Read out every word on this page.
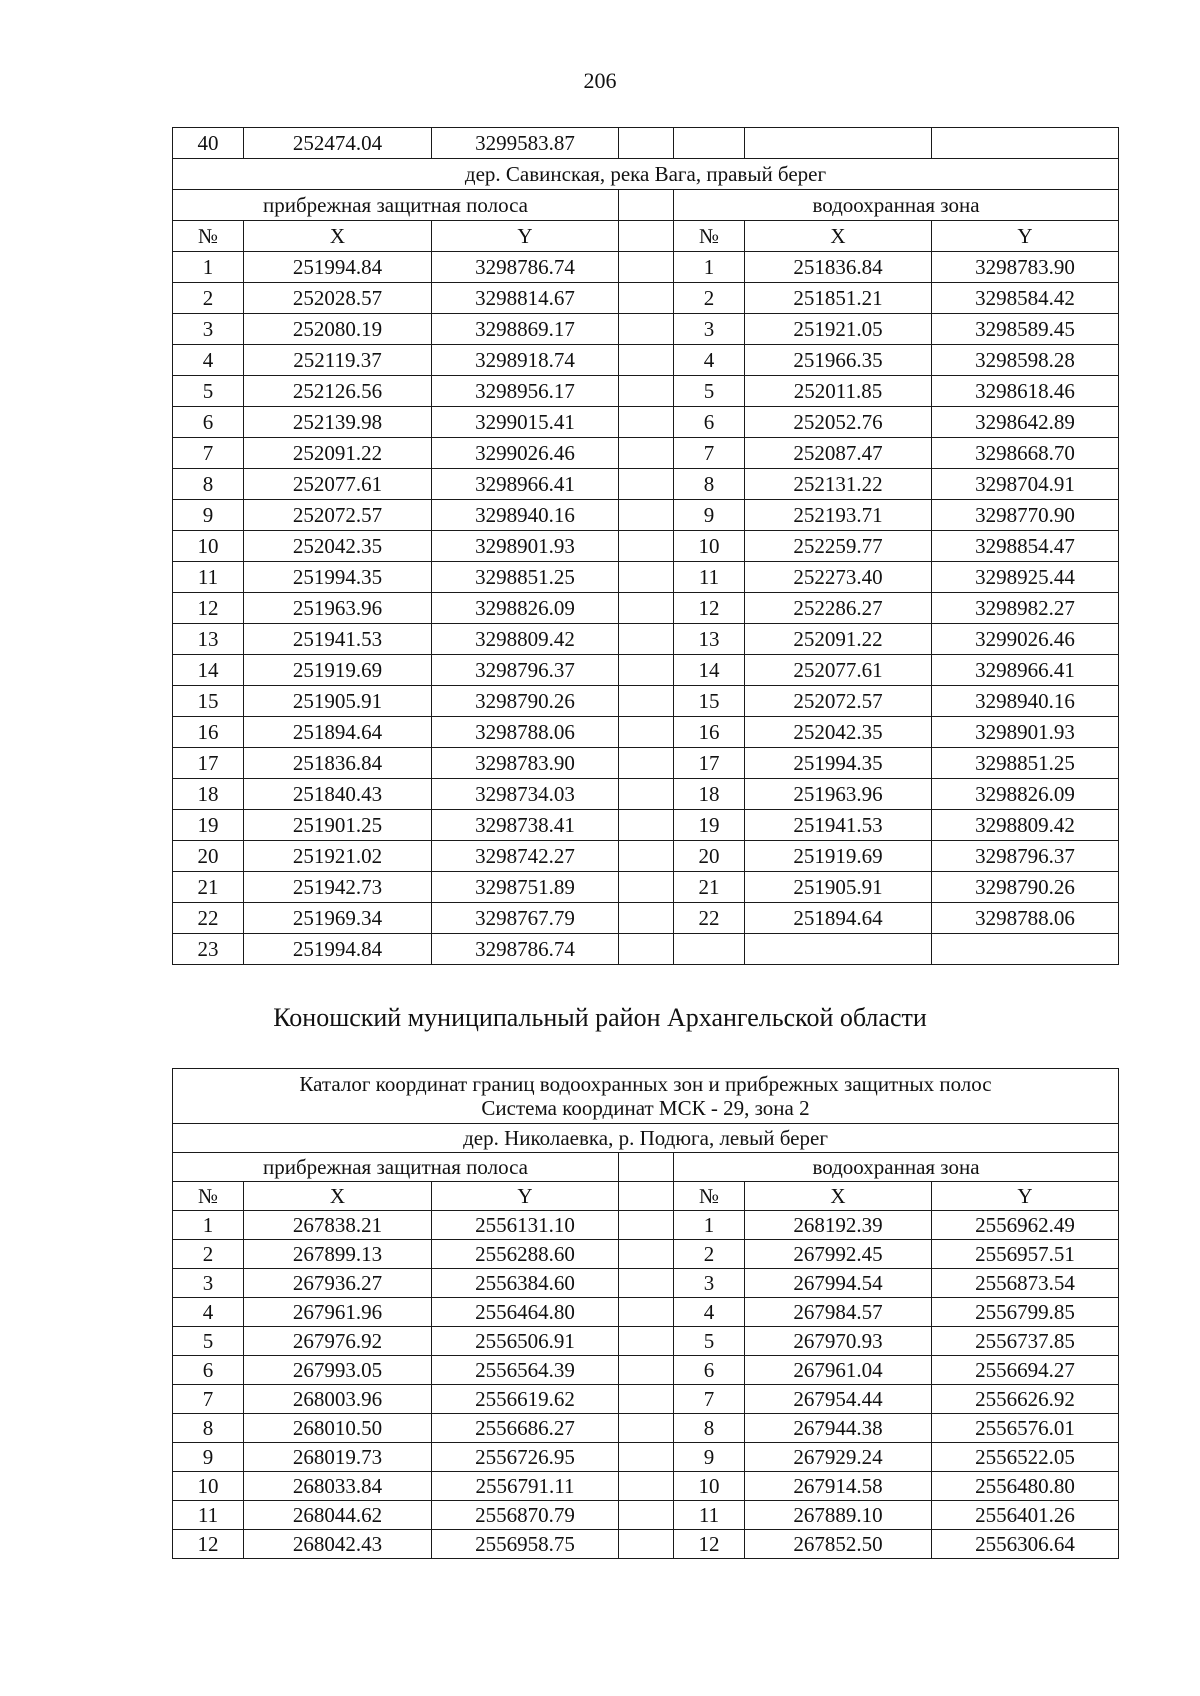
206
40	252474.04	3299583.87				
дер. Савинская, река Вага, правый берег						
прибрежная защитная полоса				водоохранная зона		
№	X	Y		№	X	Y
1	251994.84	3298786.74		1	251836.84	3298783.90
2	252028.57	3298814.67		2	251851.21	3298584.42
3	252080.19	3298869.17		3	251921.05	3298589.45
4	252119.37	3298918.74		4	251966.35	3298598.28
5	252126.56	3298956.17		5	252011.85	3298618.46
6	252139.98	3299015.41		6	252052.76	3298642.89
7	252091.22	3299026.46		7	252087.47	3298668.70
8	252077.61	3298966.41		8	252131.22	3298704.91
9	252072.57	3298940.16		9	252193.71	3298770.90
10	252042.35	3298901.93		10	252259.77	3298854.47
11	251994.35	3298851.25		11	252273.40	3298925.44
12	251963.96	3298826.09		12	252286.27	3298982.27
13	251941.53	3298809.42		13	252091.22	3299026.46
14	251919.69	3298796.37		14	252077.61	3298966.41
15	251905.91	3298790.26		15	252072.57	3298940.16
16	251894.64	3298788.06		16	252042.35	3298901.93
17	251836.84	3298783.90		17	251994.35	3298851.25
18	251840.43	3298734.03		18	251963.96	3298826.09
19	251901.25	3298738.41		19	251941.53	3298809.42
20	251921.02	3298742.27		20	251919.69	3298796.37
21	251942.73	3298751.89		21	251905.91	3298790.26
22	251969.34	3298767.79		22	251894.64	3298788.06
23	251994.84	3298786.74				
Коношский муниципальный район Архангельской области
Каталог координат границ водоохранных зон и прибрежных защитных полос
Система координат МСК - 29, зона 2						

дер. Николаевка, р. Подюга, левый берег						
прибрежная защитная полоса				водоохранная зона		
№	X	Y		№	X	Y
1	267838.21	2556131.10		1	268192.39	2556962.49
2	267899.13	2556288.60		2	267992.45	2556957.51
3	267936.27	2556384.60		3	267994.54	2556873.54
4	267961.96	2556464.80		4	267984.57	2556799.85
5	267976.92	2556506.91		5	267970.93	2556737.85
6	267993.05	2556564.39		6	267961.04	2556694.27
7	268003.96	2556619.62		7	267954.44	2556626.92
8	268010.50	2556686.27		8	267944.38	2556576.01
9	268019.73	2556726.95		9	267929.24	2556522.05
10	268033.84	2556791.11		10	267914.58	2556480.80
11	268044.62	2556870.79		11	267889.10	2556401.26
12	268042.43	2556958.75		12	267852.50	2556306.64
